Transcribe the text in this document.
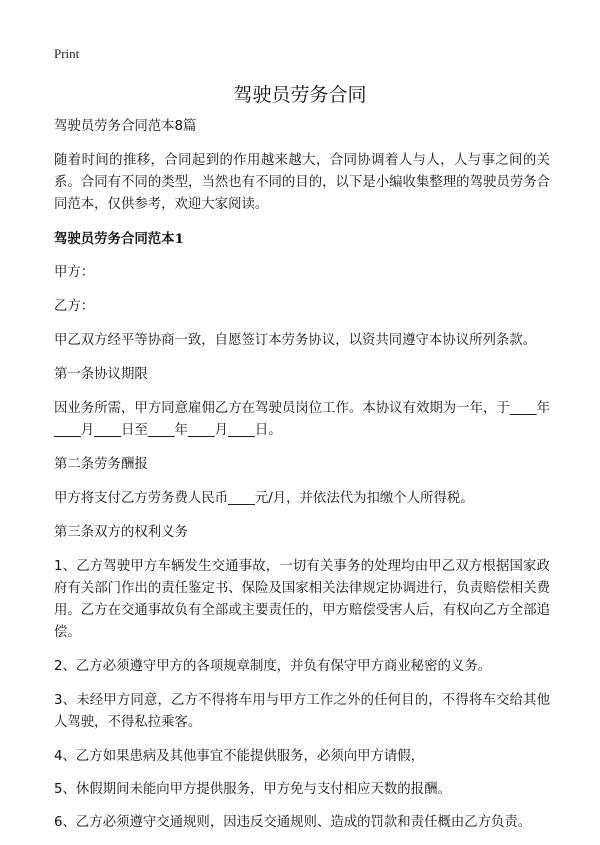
Print
驾驶员劳务合同

驾驶员劳务合同范本8篇

随着时间的推移，合同起到的作用越来越大，合同协调着人与人，人与事之间的关系。合同有不同的类型，当然也有不同的目的，以下是小编收集整理的驾驶员劳务合同范本，仅供参考，欢迎大家阅读。

驾驶员劳务合同范本1

甲方：

乙方：

甲乙双方经平等协商一致，自愿签订本劳务协议，以资共同遵守本协议所列条款。

第一条协议期限

因业务所需，甲方同意雇佣乙方在驾驶员岗位工作。本协议有效期为一年，于____年____月____日至____年____月____日。

第二条劳务酬报

甲方将支付乙方劳务费人民币____元/月，并依法代为扣缴个人所得税。

第三条双方的权利义务

1、乙方驾驶甲方车辆发生交通事故，一切有关事务的处理均由甲乙双方根据国家政府有关部门作出的责任鉴定书、保险及国家相关法律规定协调进行，负责赔偿相关费用。乙方在交通事故负有全部或主要责任的，甲方赔偿受害人后，有权向乙方全部追偿。

2、乙方必须遵守甲方的各项规章制度，并负有保守甲方商业秘密的义务。

3、未经甲方同意，乙方不得将车用与甲方工作之外的任何目的，不得将车交给其他人驾驶，不得私拉乘客。

4、乙方如果患病及其他事宜不能提供服务，必须向甲方请假，

5、休假期间未能向甲方提供服务，甲方免与支付相应天数的报酬。

6、乙方必须遵守交通规则，因违反交通规则、造成的罚款和责任概由乙方负责。
